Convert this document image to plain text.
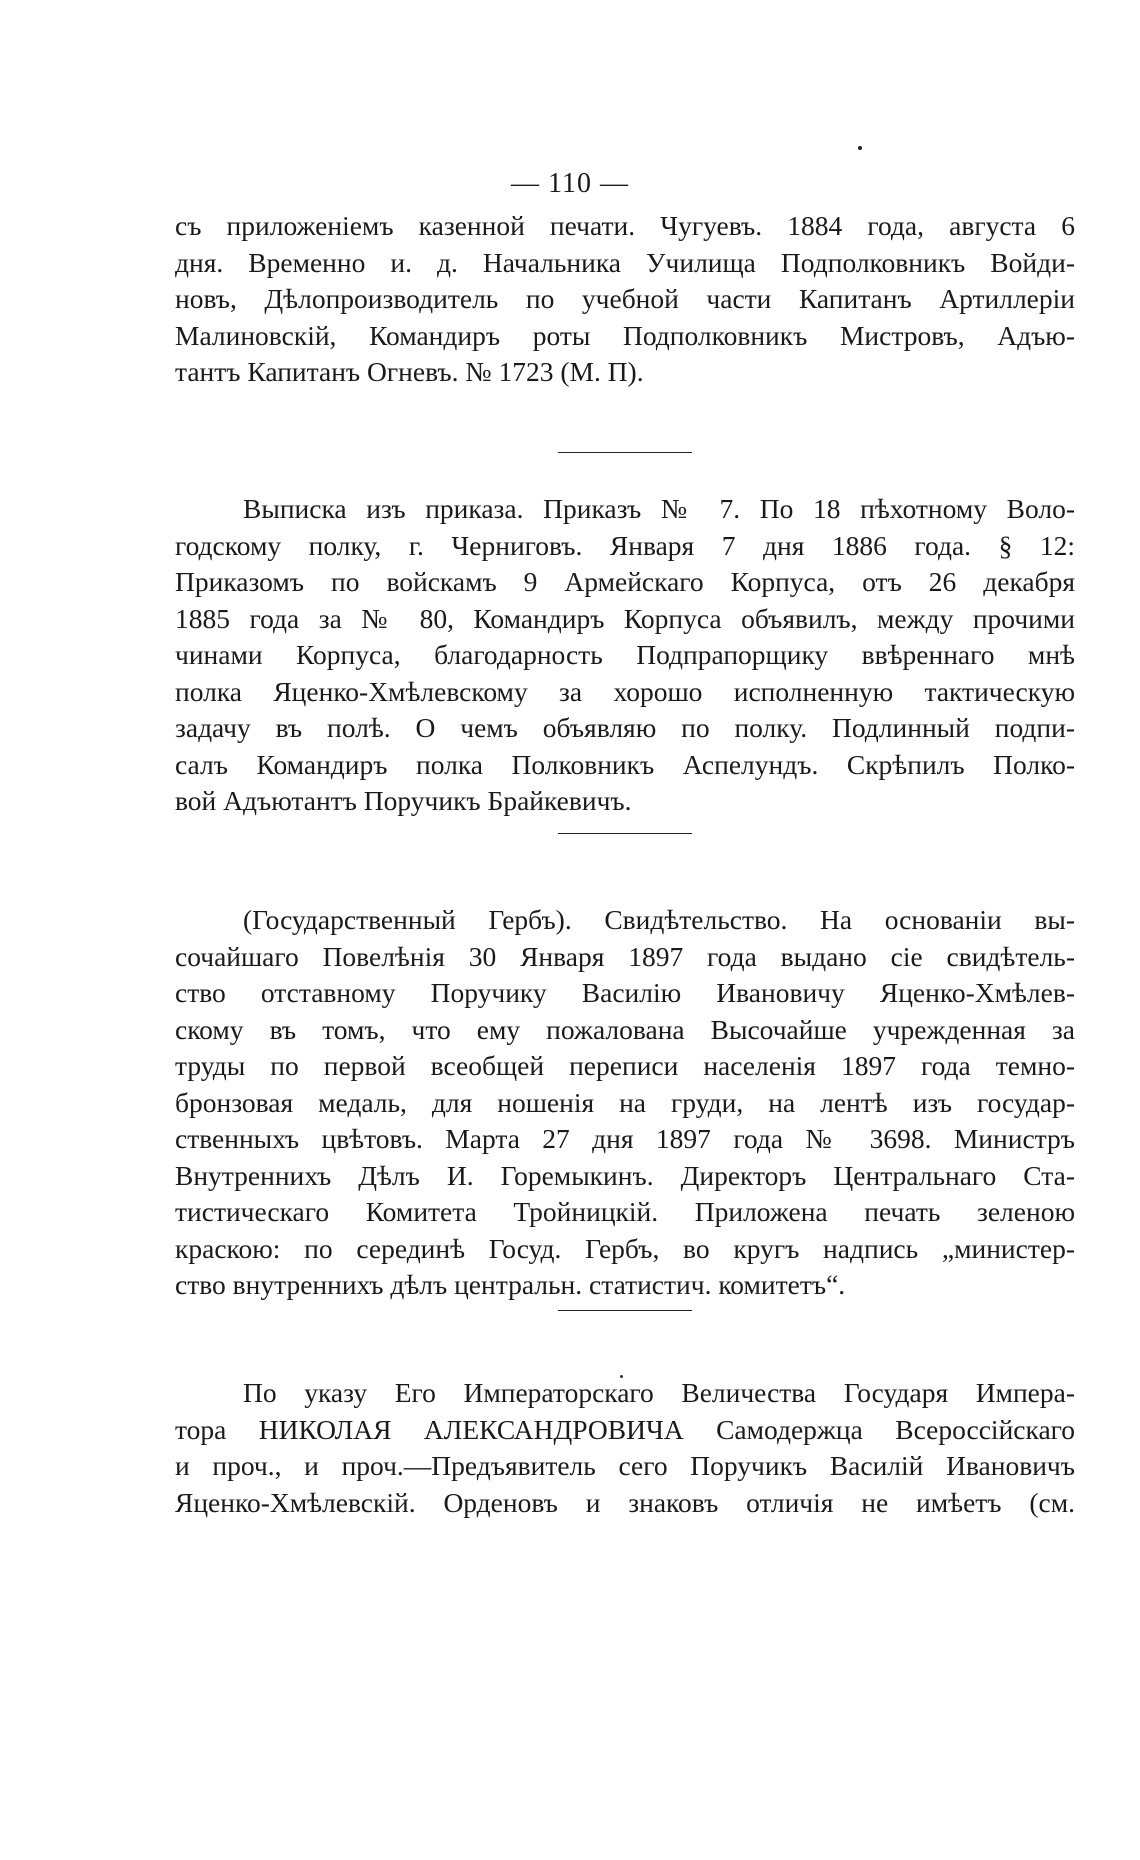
— 110 —
съ приложеніемъ казенной печати. Чугуевъ. 1884 года, августа 6
дня. Временно и. д. Начальника Училища Подполковникъ Войди-
новъ, Дѣлопроизводитель по учебной части Капитанъ Артиллеріи
Малиновскій, Командиръ роты Подполковникъ Мистровъ, Адъю-
тантъ Капитанъ Огневъ. № 1723 (М. П).
Выписка изъ приказа. Приказъ № 7. По 18 пѣхотному Воло-
годскому полку, г. Черниговъ. Января 7 дня 1886 года. § 12:
Приказомъ по войскамъ 9 Армейскаго Корпуса, отъ 26 декабря
1885 года за № 80, Командиръ Корпуса объявилъ, между прочими
чинами Корпуса, благодарность Подпрапорщику ввѣреннаго мнѣ
полка Яценко-Хмѣлевскому за хорошо исполненную тактическую
задачу въ полѣ. О чемъ объявляю по полку. Подлинный подпи-
салъ Командиръ полка Полковникъ Аспелундъ. Скрѣпилъ Полко-
вой Адъютантъ Поручикъ Брайкевичъ.
(Государственный Гербъ). Свидѣтельство. На основаніи вы-
сочайшаго Повелѣнія 30 Января 1897 года выдано сіе свидѣтель-
ство отставному Поручику Василію Ивановичу Яценко-Хмѣлев-
скому въ томъ, что ему пожалована Высочайше учрежденная за
труды по первой всеобщей переписи населенія 1897 года темно-
бронзовая медаль, для ношенія на груди, на лентѣ изъ государ-
ственныхъ цвѣтовъ. Марта 27 дня 1897 года № 3698. Министръ
Внутреннихъ Дѣлъ И. Горемыкинъ. Директоръ Центральнаго Ста-
тистическаго Комитета Тройницкій. Приложена печать зеленою
краскою: по серединѣ Госуд. Гербъ, во кругъ надпись „министер-
ство внутреннихъ дѣлъ центральн. статистич. комитетъ“.
По указу Его Императорскаго Величества Государя Импера-
тора НИКОЛАЯ АЛЕКСАНДРОВИЧА Самодержца Всероссійскаго
и проч., и проч.—Предъявитель сего Поручикъ Василій Ивановичъ
Яценко-Хмѣлевскій. Орденовъ и знаковъ отличія не имѣетъ (см.
